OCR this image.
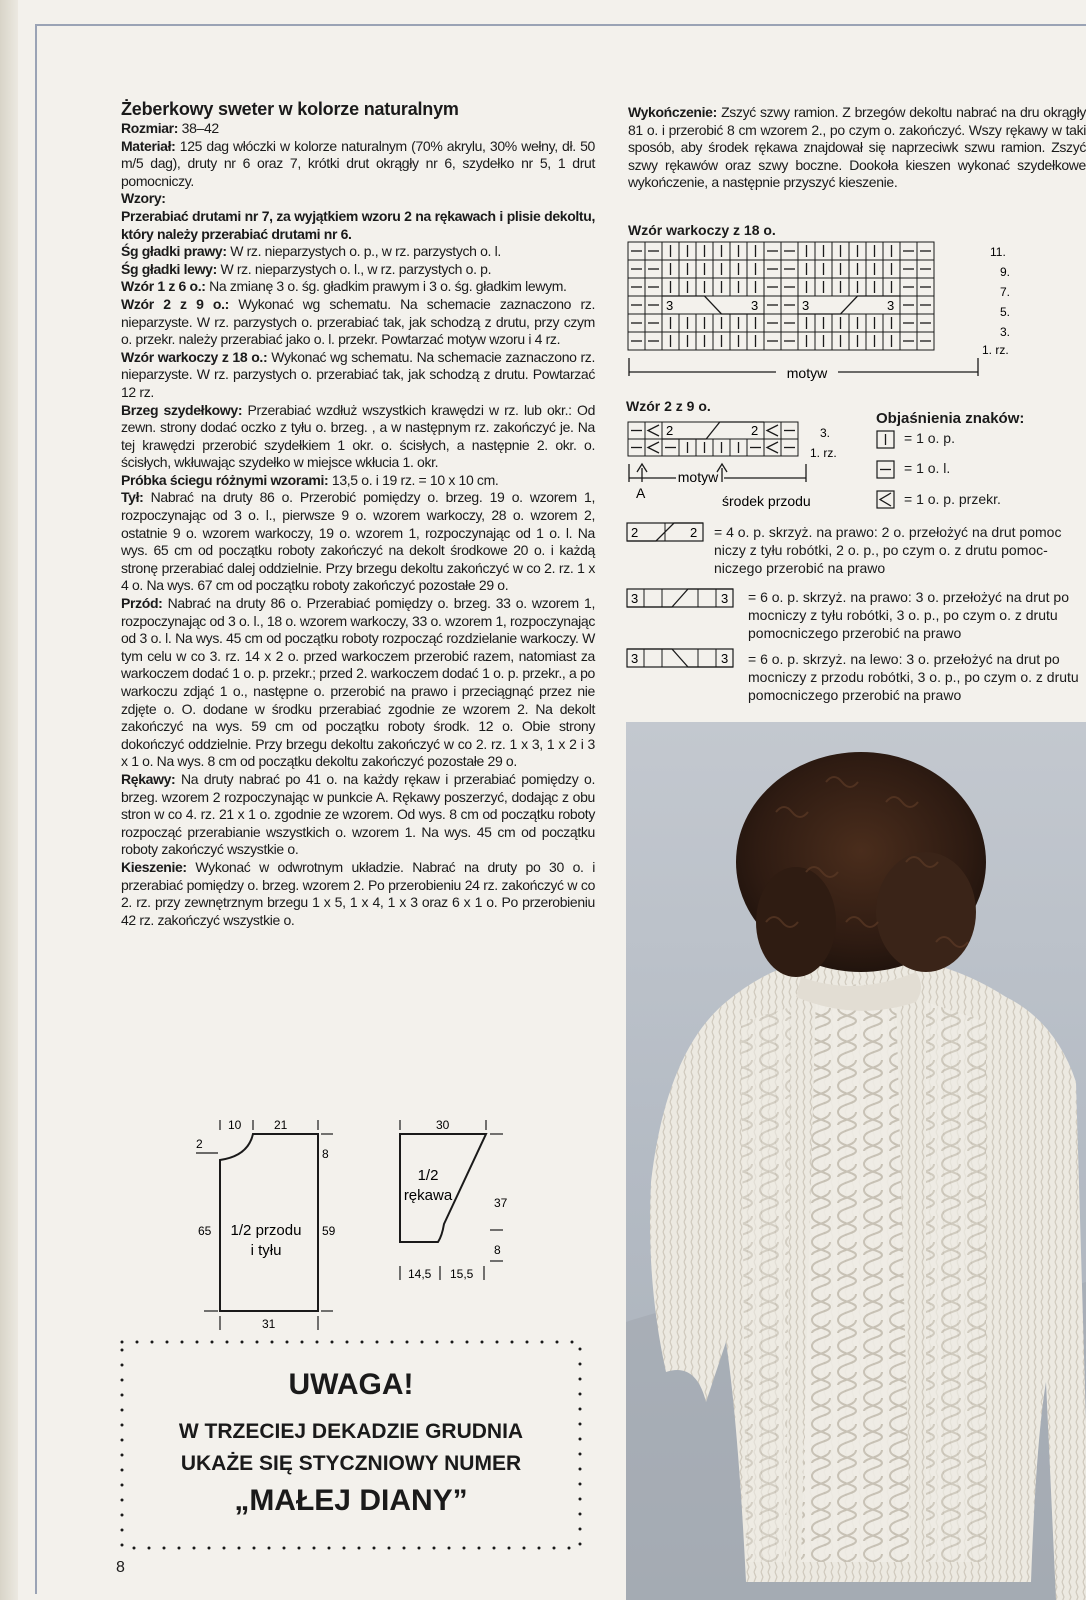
Żeberkowy sweter w kolorze naturalnym

Rozmiar: 38–42

Materiał: 125 dag włóczki w kolorze naturalnym (70% akrylu, 30% wełny, dł. 50 m/5 dag), druty nr 6 oraz 7, krótki drut okrągły nr 6, szydełko nr 5, 1 drut pomocniczy.

Wzory:

Przerabiać drutami nr 7, za wyjątkiem wzoru 2 na rękawach i plisie dekoltu, który należy przerabiać drutami nr 6.

Śg gładki prawy: W rz. nieparzystych o. p., w rz. parzystych o. l.

Śg gładki lewy: W rz. nieparzystych o. l., w rz. parzystych o. p.

Wzór 1 z 6 o.: Na zmianę 3 o. śg. gładkim prawym i 3 o. śg. gładkim lewym.

Wzór 2 z 9 o.: Wykonać wg schematu. Na schemacie zaznaczono rz. nieparzyste. W rz. parzystych o. przerabiać tak, jak schodzą z drutu, przy czym o. przekr. należy przerabiać jako o. l. przekr. Powtarzać motyw wzoru i 4 rz.

Wzór warkoczy z 18 o.: Wykonać wg schematu. Na schemacie zaznaczono rz. nieparzyste. W rz. parzystych o. przerabiać tak, jak schodzą z drutu. Powtarzać 12 rz.

Brzeg szydełkowy: Przerabiać wzdłuż wszystkich krawędzi w rz. lub okr.: Od zewn. strony dodać oczko z tyłu o. brzeg. , a w następnym rz. zakończyć je. Na tej krawędzi przerobić szydełkiem 1 okr. o. ścisłych, a następnie 2. okr. o. ścisłych, wkłuwając szydełko w miejsce wkłucia 1. okr.

Próbka ściegu różnymi wzorami: 13,5 o. i 19 rz. = 10 x 10 cm.

Tył: Nabrać na druty 86 o. Przerobić pomiędzy o. brzeg. 19 o. wzorem 1, rozpoczynając od 3 o. l., pierwsze 9 o. wzorem warkoczy, 28 o. wzorem 2, ostatnie 9 o. wzorem warkoczy, 19 o. wzorem 1, rozpoczynając od 1 o. l. Na wys. 65 cm od początku roboty zakończyć na dekolt środkowe 20 o. i każdą stronę przerabiać dalej oddzielnie. Przy brzegu dekoltu zakończyć w co 2. rz. 1 x 4 o. Na wys. 67 cm od początku roboty zakończyć pozostałe 29 o.

Przód: Nabrać na druty 86 o. Przerabiać pomiędzy o. brzeg. 33 o. wzorem 1, rozpoczynając od 3 o. l., 18 o. wzorem warkoczy, 33 o. wzorem 1, rozpoczynając od 3 o. l. Na wys. 45 cm od początku roboty rozpocząć rozdzielanie warkoczy. W tym celu w co 3. rz. 14 x 2 o. przed warkoczem przerobić razem, natomiast za warkoczem dodać 1 o. p. przekr.; przed 2. warkoczem dodać 1 o. p. przekr., a po warkoczu zdjąć 1 o., następne o. przerobić na prawo i przeciągnąć przez nie zdjęte o. O. dodane w środku przerabiać zgodnie ze wzorem 2. Na dekolt zakończyć na wys. 59 cm od początku roboty środk. 12 o. Obie strony dokończyć oddzielnie. Przy brzegu dekoltu zakończyć w co 2. rz. 1 x 3, 1 x 2 i 3 x 1 o. Na wys. 8 cm od początku dekoltu zakończyć pozostałe 29 o.

Rękawy: Na druty nabrać po 41 o. na każdy rękaw i przerabiać pomiędzy o. brzeg. wzorem 2 rozpoczynając w punkcie A. Rękawy poszerzyć, dodając z obu stron w co 4. rz. 21 x 1 o. zgodnie ze wzorem. Od wys. 8 cm od początku roboty rozpocząć przerabianie wszystkich o. wzorem 1. Na wys. 45 cm od początku roboty zakończyć wszystkie o.

Kieszenie: Wykonać w odwrotnym układzie. Nabrać na druty po 30 o. i przerabiać pomiędzy o. brzeg. wzorem 2. Po przerobieniu 24 rz. zakończyć w co 2. rz. przy zewnętrznym brzegu 1 x 5, 1 x 4, 1 x 3 oraz 6 x 1 o. Po przerobieniu 42 rz. zakończyć wszystkie o.

10	21
2
8
65	59
1/2 przodu
i tyłu
31
30
1/2
rękawa	37
8
14,5 15,5
UWAGA!
W TRZECIEJ DEKADZIE GRUDNIA
UKAŻE SIĘ STYCZNIOWY NUMER
„MAŁEJ DIANY”
8
Wykończenie: Zszyć szwy ramion. Z brzegów dekoltu nabrać na dru okrągły 81 o. i przerobić 8 cm wzorem 2., po czym o. zakończyć. Wszy rękawy w taki sposób, aby środek rękawa znajdował się naprzeciwk szwu ramion. Zszyć szwy rękawów oraz szwy boczne. Dookoła kieszen wykonać szydełkowe wykończenie, a następnie przyszyć kieszenie.
Wzór warkoczy z 18 o.
motyw
11.
9.
7.
5.
3.
1. rz.
3	3	3	3
Wzór 2 z 9 o.
Objaśnienia znaków:
motyw
A	środek przodu
3.
1. rz.
2	2	= 1 o. p.
= 1 o. l.
= 1 o. p. przekr.
2	2 = 4 o. p. skrzyż. na prawo: 2 o. przełożyć na drut pomoc niczy z tyłu robótki, 2 o. p., po czym o. z drutu pomoc- niczego przerobić na prawo
3	3 = 6 o. p. skrzyż. na prawo: 3 o. przełożyć na drut po mocniczy z tyłu robótki, 3 o. p., po czym o. z drutu pomocniczego przerobić na prawo
3	3 = 6 o. p. skrzyż. na lewo: 3 o. przełożyć na drut po mocniczy z przodu robótki, 3 o. p., po czym o. z drutu pomocniczego przerobić na prawo
